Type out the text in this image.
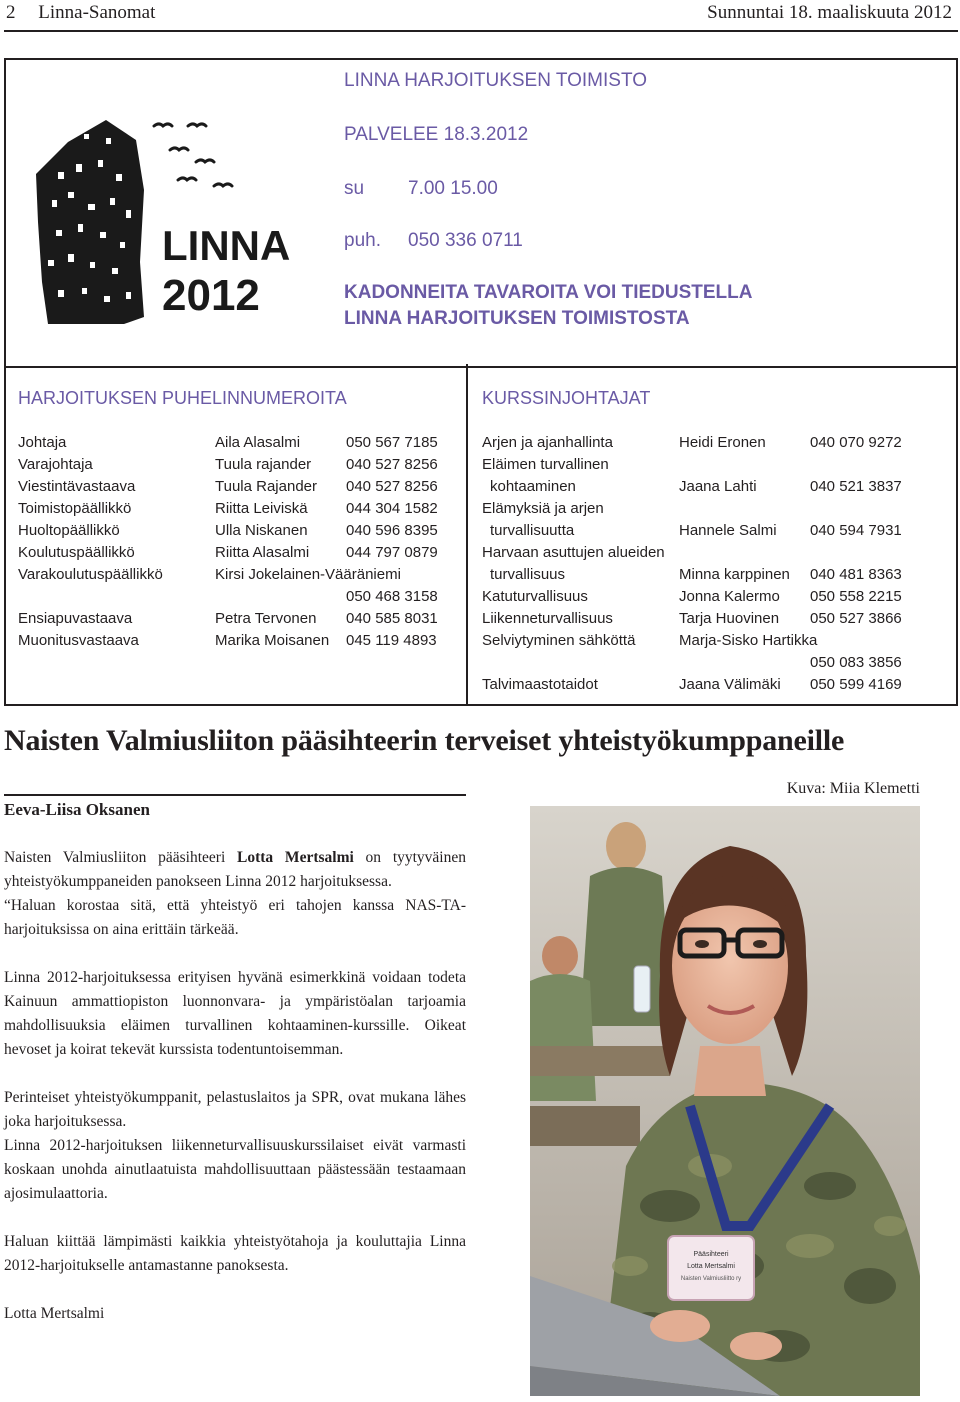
2 Linna-Sanomat	Sunnuntai 18. maaliskuuta 2012
LINNA
2012
LINNA HARJOITUKSEN TOIMISTO
PALVELEE 18.3.2012
su 7.00 15.00
puh. 050 336 0711
KADONNEITA TAVAROITA VOI TIEDUSTELLA
LINNA HARJOITUKSEN TOIMISTOSTA
HARJOITUKSEN PUHELINNUMEROITA
Johtaja	Aila Alasalmi	050 567 7185
Varajohtaja	Tuula rajander 040 527 8256
Viestintävastaava	Tuula Rajander 040 527 8256
Toimistopäällikkö	Riitta Leiviskä	044 304 1582
Huoltopäällikkö	Ulla Niskanen	040 596 8395
Koulutuspäällikkö	Riitta Alasalmi 044 797 0879
Varakoulutuspäällikkö	Kirsi Jokelainen-Vääräniemi
050 468 3158
Ensiapuvastaava	Petra Tervonen 040 585 8031
Muonitusvastaava	Marika Moisanen 045 119 4893
KURSSINJOHTAJAT
Arjen ja ajanhallinta	Heidi Eronen	040 070 9272
Eläimen turvallinen
kohtaaminen	Jaana Lahti	040 521 3837
Elämyksiä ja arjen
turvallisuutta	Hannele Salmi 040 594 7931
Harvaan asuttujen alueiden
turvallisuus	Minna karppinen 040 481 8363
Katuturvallisuus	Jonna Kalermo 050 558 2215
Liikenneturvallisuus	Tarja Huovinen 050 527 3866
Selviytyminen sähköttä	Marja-Sisko Hartikka
050 083 3856
Talvimaastotaidot	Jaana Välimäki 050 599 4169
Naisten Valmiusliiton pääsihteerin terveiset yhteistyökumppaneille
Eeva-Liisa Oksanen
Kuva: Miia Klemetti

Naisten Valmiusliiton pääsihteeri Lotta Mertsalmi on tyytyväinen yhteistyökumppaneiden panokseen Linna 2012 harjoituksessa.

“Haluan korostaa sitä, että yhteistyö eri tahojen kanssa NAS-TA-harjoituksissa on aina erittäin tärkeää.

Linna 2012-harjoituksessa erityisen hyvänä esimerkkinä voidaan todeta Kainuun ammattiopiston luonnonvara- ja ympäristöalan tarjoamia mahdollisuuksia eläimen turvallinen kohtaaminen-kurssille. Oikeat hevoset ja koirat tekevät kurssista todentuntoisemman.

Perinteiset yhteistyökumppanit, pelastuslaitos ja SPR, ovat mukana lähes joka harjoituksessa.

Linna 2012-harjoituksen liikenneturvallisuuskurssilaiset eivät varmasti koskaan unohda ainutlaatuista mahdollisuuttaan päästessään testaamaan ajosimulaattoria.

Haluan kiittää lämpimästi kaikkia yhteistyötahoja ja kouluttajia Linna 2012-harjoitukselle antamastanne panoksesta.

Lotta Mertsalmi

Pääsihteeri
Lotta Mertsalmi
Naisten Valmiusliitto ry
